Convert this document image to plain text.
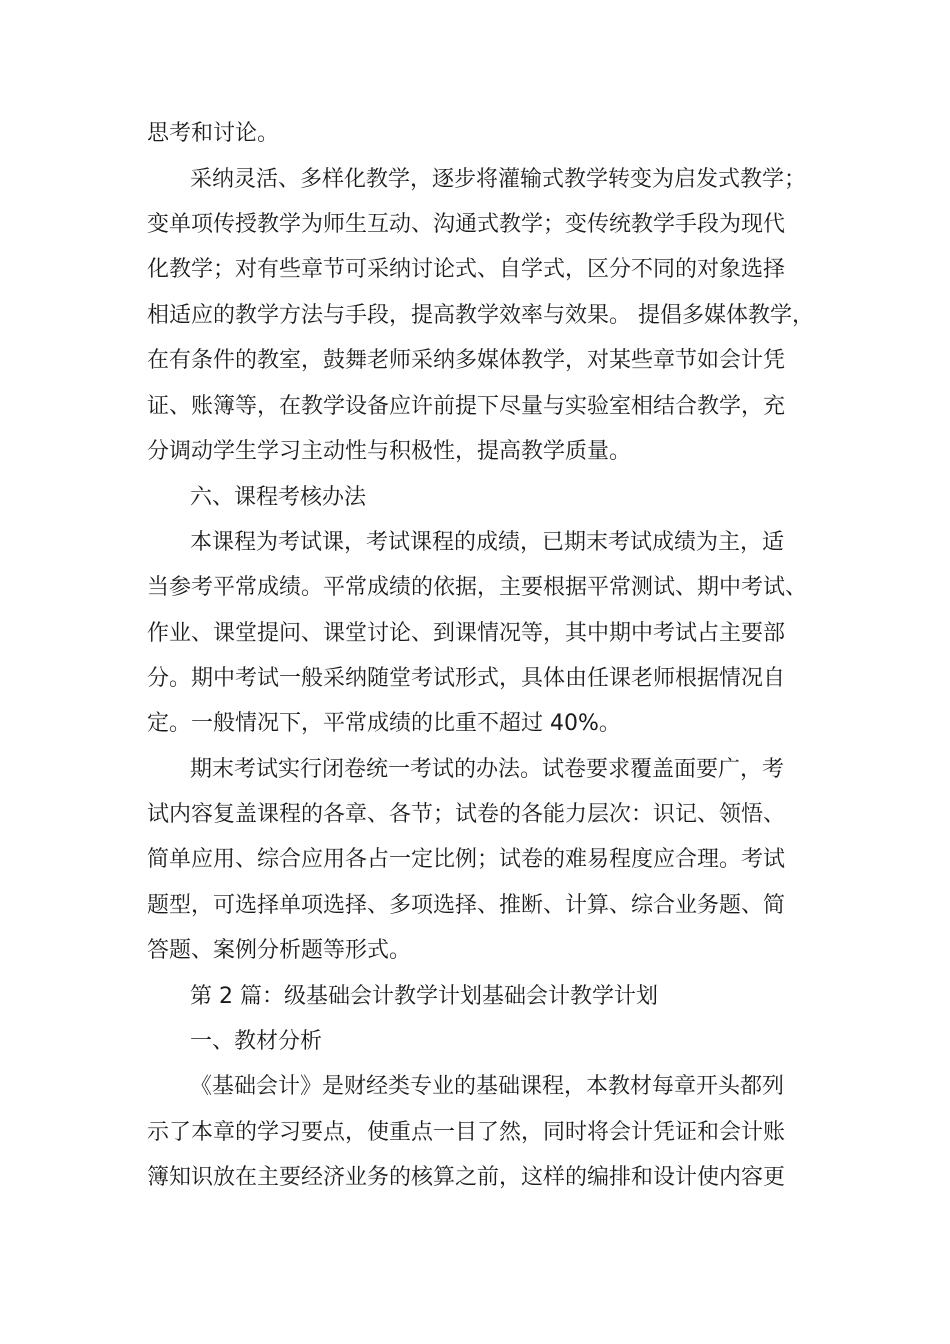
思考和讨论。
采纳灵活、多样化教学，逐步将灌输式教学转变为启发式教学；
变单项传授教学为师生互动、沟通式教学；变传统教学手段为现代
化教学；对有些章节可采纳讨论式、自学式，区分不同的对象选择
相适应的教学方法与手段，提高教学效率与效果。 提倡多媒体教学，
在有条件的教室，鼓舞老师采纳多媒体教学，对某些章节如会计凭
证、账簿等，在教学设备应许前提下尽量与实验室相结合教学，充
分调动学生学习主动性与积极性，提高教学质量。
六、课程考核办法
本课程为考试课，考试课程的成绩，已期末考试成绩为主，适
当参考平常成绩。平常成绩的依据，主要根据平常测试、期中考试、
作业、课堂提问、课堂讨论、到课情况等，其中期中考试占主要部
分。期中考试一般采纳随堂考试形式，具体由任课老师根据情况自
定。一般情况下，平常成绩的比重不超过 40%。
期末考试实行闭卷统一考试的办法。试卷要求覆盖面要广，考
试内容复盖课程的各章、各节；试卷的各能力层次：识记、领悟、
简单应用、综合应用各占一定比例；试卷的难易程度应合理。考试
题型，可选择单项选择、多项选择、推断、计算、综合业务题、简
答题、案例分析题等形式。
第 2 篇：级基础会计教学计划基础会计教学计划
一、教材分析
《基础会计》是财经类专业的基础课程，本教材每章开头都列
示了本章的学习要点，使重点一目了然，同时将会计凭证和会计账
簿知识放在主要经济业务的核算之前，这样的编排和设计使内容更
